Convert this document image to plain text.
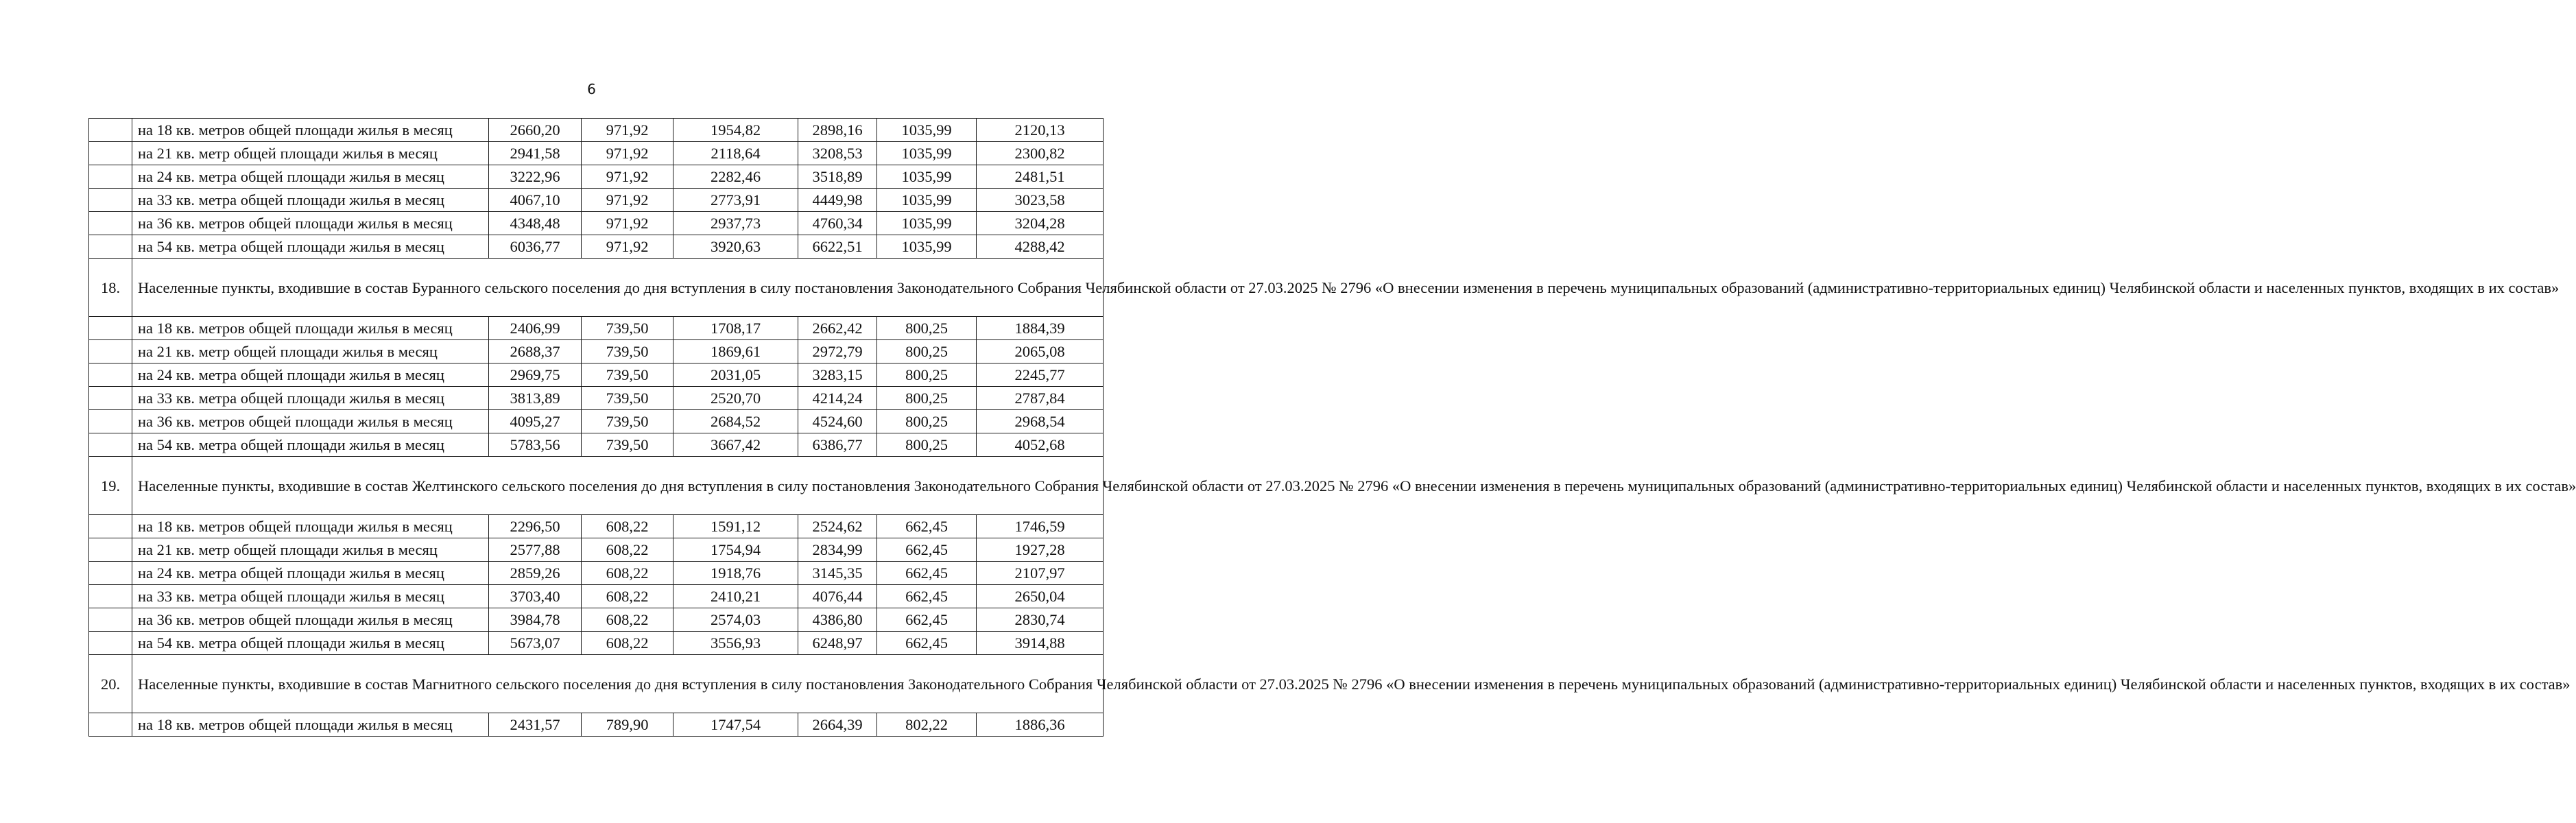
6
	на 18 кв. метров общей площади жилья в месяц	2660,20	971,92	1954,82	2898,16	1035,99	2120,13
	на 21 кв. метр общей площади жилья в месяц	2941,58	971,92	2118,64	3208,53	1035,99	2300,82
	на 24 кв. метра общей площади жилья в месяц	3222,96	971,92	2282,46	3518,89	1035,99	2481,51
	на 33 кв. метра общей площади жилья в месяц	4067,10	971,92	2773,91	4449,98	1035,99	3023,58
	на 36 кв. метров общей площади жилья в месяц	4348,48	971,92	2937,73	4760,34	1035,99	3204,28
	на 54 кв. метра общей площади жилья в месяц	6036,77	971,92	3920,63	6622,51	1035,99	4288,42
18.	Населенные пункты, входившие в состав Буранного сельского поселения до дня вступления в силу постановления Законодательного Собрания Челябинской области от 27.03.2025 № 2796 «О внесении изменения в перечень муниципальных образований (административно-территориальных единиц) Челябинской области и населенных пунктов, входящих в их состав»						
	на 18 кв. метров общей площади жилья в месяц	2406,99	739,50	1708,17	2662,42	800,25	1884,39
	на 21 кв. метр общей площади жилья в месяц	2688,37	739,50	1869,61	2972,79	800,25	2065,08
	на 24 кв. метра общей площади жилья в месяц	2969,75	739,50	2031,05	3283,15	800,25	2245,77
	на 33 кв. метра общей площади жилья в месяц	3813,89	739,50	2520,70	4214,24	800,25	2787,84
	на 36 кв. метров общей площади жилья в месяц	4095,27	739,50	2684,52	4524,60	800,25	2968,54
	на 54 кв. метра общей площади жилья в месяц	5783,56	739,50	3667,42	6386,77	800,25	4052,68
19.	Населенные пункты, входившие в состав Желтинского сельского поселения до дня вступления в силу постановления Законодательного Собрания Челябинской области от 27.03.2025 № 2796 «О внесении изменения в перечень муниципальных образований (административно-территориальных единиц) Челябинской области и населенных пунктов, входящих в их состав»						
	на 18 кв. метров общей площади жилья в месяц	2296,50	608,22	1591,12	2524,62	662,45	1746,59
	на 21 кв. метр общей площади жилья в месяц	2577,88	608,22	1754,94	2834,99	662,45	1927,28
	на 24 кв. метра общей площади жилья в месяц	2859,26	608,22	1918,76	3145,35	662,45	2107,97
	на 33 кв. метра общей площади жилья в месяц	3703,40	608,22	2410,21	4076,44	662,45	2650,04
	на 36 кв. метров общей площади жилья в месяц	3984,78	608,22	2574,03	4386,80	662,45	2830,74
	на 54 кв. метра общей площади жилья в месяц	5673,07	608,22	3556,93	6248,97	662,45	3914,88
20.	Населенные пункты, входившие в состав Магнитного сельского поселения до дня вступления в силу постановления Законодательного Собрания Челябинской области от 27.03.2025 № 2796 «О внесении изменения в перечень муниципальных образований (административно-территориальных единиц) Челябинской области и населенных пунктов, входящих в их состав»						
	на 18 кв. метров общей площади жилья в месяц	2431,57	789,90	1747,54	2664,39	802,22	1886,36
